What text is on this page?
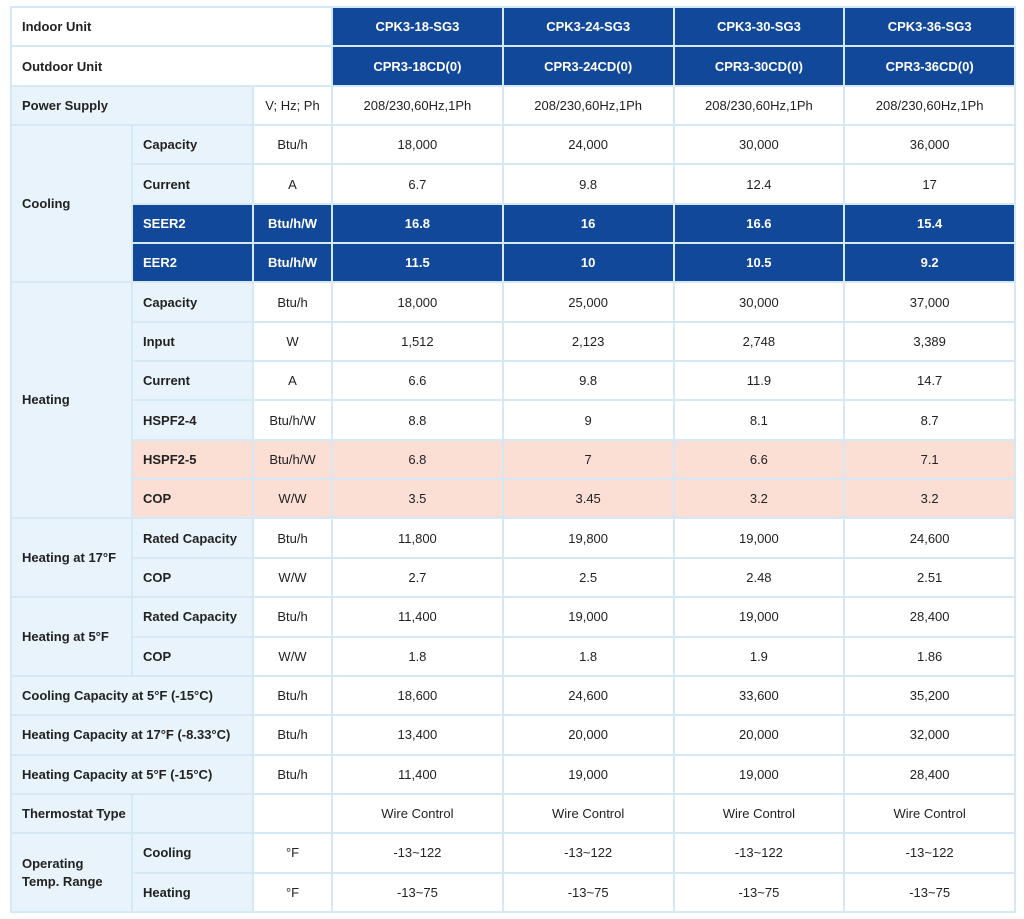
Indoor Unit			CPK3-18-SG3	CPK3-24-SG3	CPK3-30-SG3	CPK3-36-SG3
Outdoor Unit			CPR3-18CD(0)	CPR3-24CD(0)	CPR3-30CD(0)	CPR3-36CD(0)
Power Supply		V; Hz; Ph	208/230,60Hz,1Ph	208/230,60Hz,1Ph	208/230,60Hz,1Ph	208/230,60Hz,1Ph
Cooling	Capacity	Btu/h	18,000	24,000	30,000	36,000
	Current	A	6.7	9.8	12.4	17
	SEER2	Btu/h/W	16.8	16	16.6	15.4
	EER2	Btu/h/W	11.5	10	10.5	9.2
Heating	Capacity	Btu/h	18,000	25,000	30,000	37,000
	Input	W	1,512	2,123	2,748	3,389
	Current	A	6.6	9.8	11.9	14.7
	HSPF2-4	Btu/h/W	8.8	9	8.1	8.7
	HSPF2-5	Btu/h/W	6.8	7	6.6	7.1
	COP	W/W	3.5	3.45	3.2	3.2
Heating at 17°F	Rated Capacity	Btu/h	11,800	19,800	19,000	24,600
	COP	W/W	2.7	2.5	2.48	2.51
Heating at 5°F	Rated Capacity	Btu/h	11,400	19,000	19,000	28,400
	COP	W/W	1.8	1.8	1.9	1.86
Cooling Capacity at 5°F (-15°C)		Btu/h	18,600	24,600	33,600	35,200
Heating Capacity at 17°F (-8.33°C)		Btu/h	13,400	20,000	20,000	32,000
Heating Capacity at 5°F (-15°C)		Btu/h	11,400	19,000	19,000	28,400
Thermostat Type			Wire Control	Wire Control	Wire Control	Wire Control

Operating
Temp. Range	Cooling	°F	-13~122	-13~122	-13~122	-13~122
	Heating	°F	-13~75	-13~75	-13~75	-13~75
